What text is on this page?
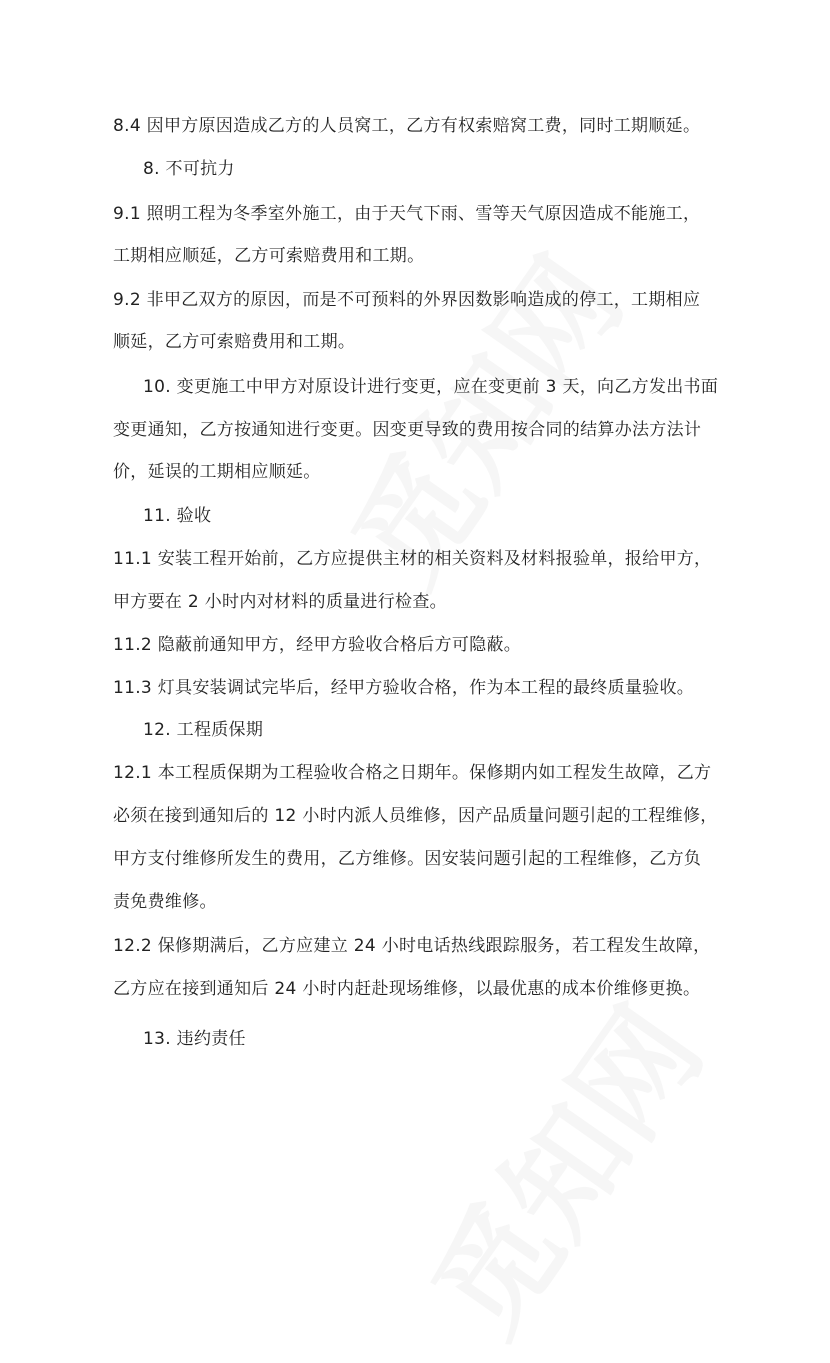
8.4 因甲方原因造成乙方的人员窝工，乙方有权索赔窝工费，同时工期顺延。
8. 不可抗力
9.1 照明工程为冬季室外施工，由于天气下雨、雪等天气原因造成不能施工，
工期相应顺延，乙方可索赔费用和工期。
9.2 非甲乙双方的原因，而是不可预料的外界因数影响造成的停工，工期相应
顺延，乙方可索赔费用和工期。
10. 变更施工中甲方对原设计进行变更，应在变更前 3 天，向乙方发出书面
变更通知，乙方按通知进行变更。因变更导致的费用按合同的结算办法方法计
价，延误的工期相应顺延。
11. 验收
11.1 安装工程开始前，乙方应提供主材的相关资料及材料报验单，报给甲方，
甲方要在 2 小时内对材料的质量进行检查。
11.2 隐蔽前通知甲方，经甲方验收合格后方可隐蔽。
11.3 灯具安装调试完毕后，经甲方验收合格，作为本工程的最终质量验收。
12. 工程质保期
12.1 本工程质保期为工程验收合格之日期年。保修期内如工程发生故障，乙方
必须在接到通知后的 12 小时内派人员维修，因产品质量问题引起的工程维修，
甲方支付维修所发生的费用，乙方维修。因安装问题引起的工程维修，乙方负
责免费维修。
12.2 保修期满后，乙方应建立 24 小时电话热线跟踪服务，若工程发生故障，
乙方应在接到通知后 24 小时内赶赴现场维修，以最优惠的成本价维修更换。
13. 违约责任
